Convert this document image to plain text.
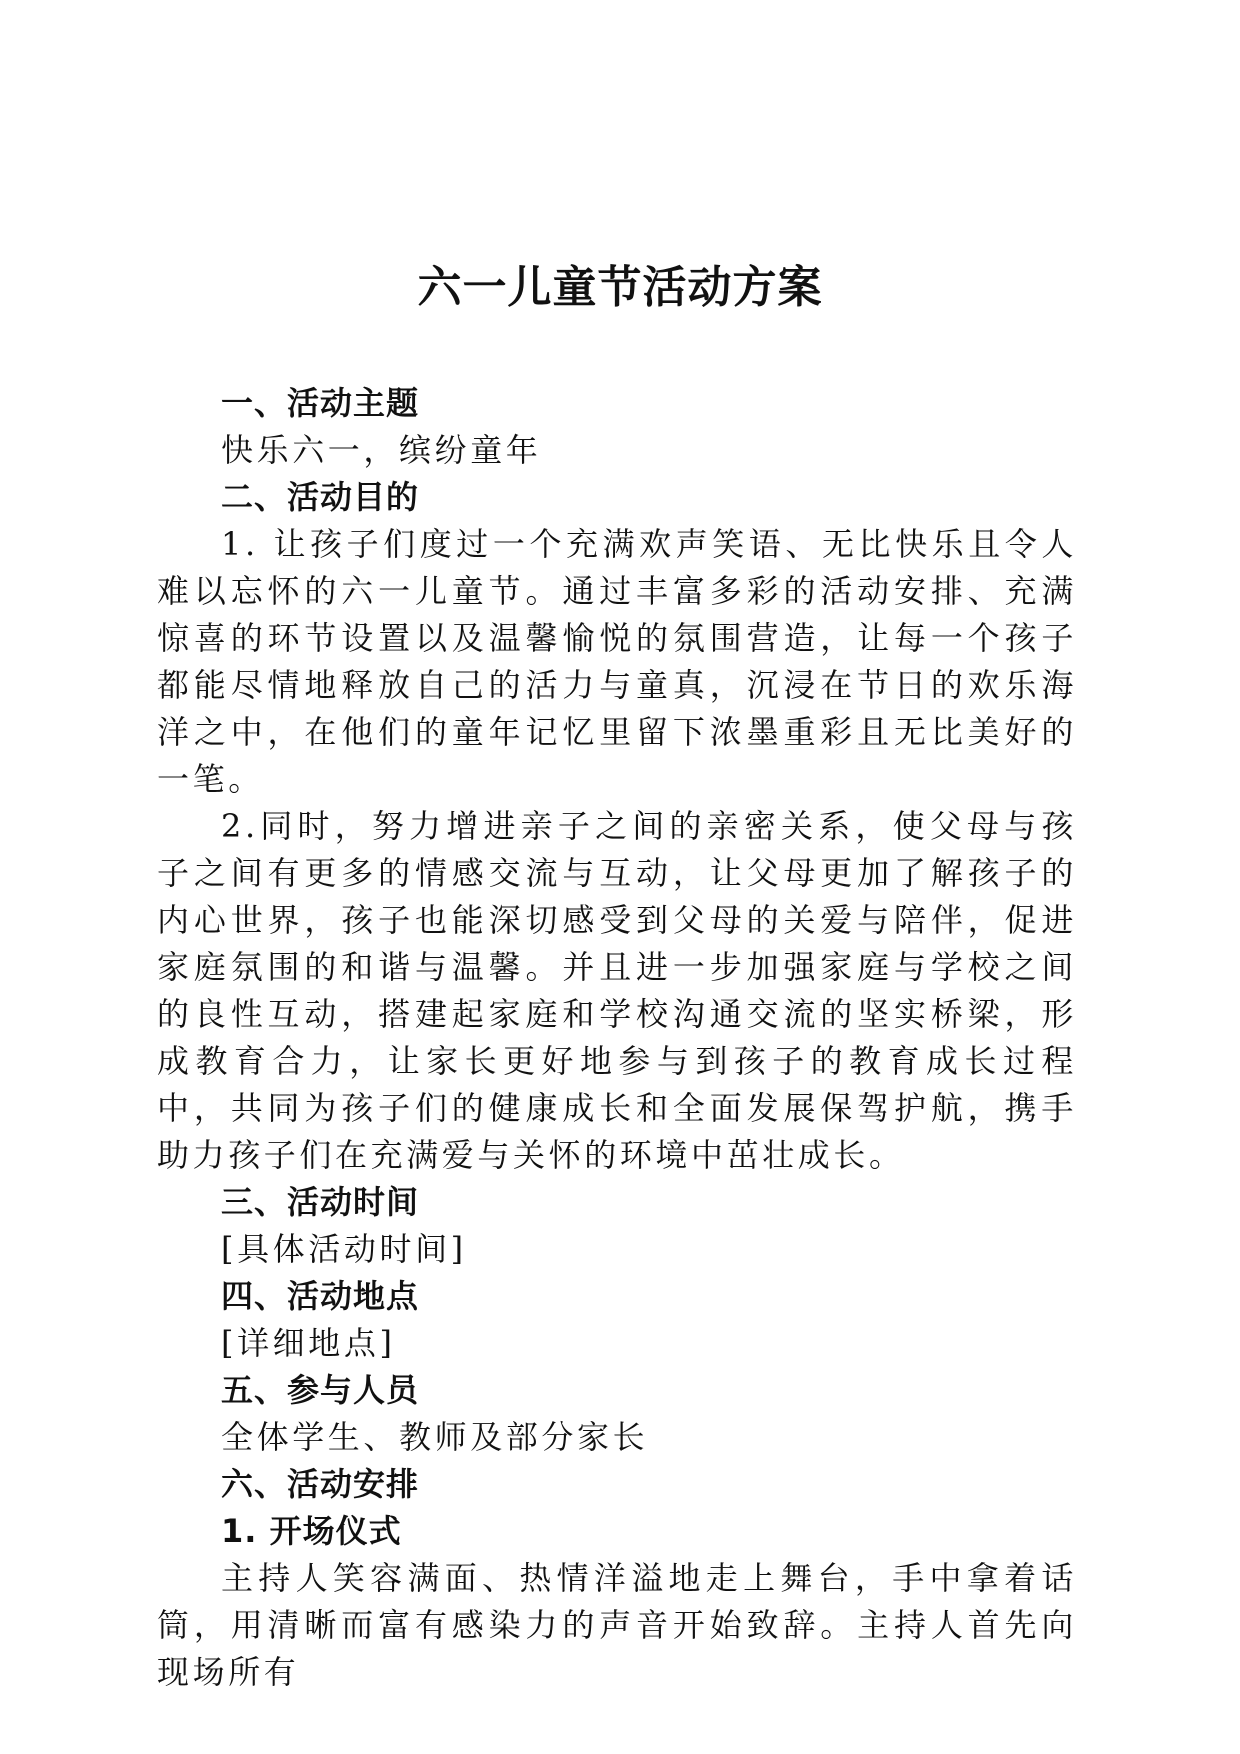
六一儿童节活动方案

一、活动主题

快乐六一，缤纷童年

二、活动目的

1. 让孩子们度过一个充满欢声笑语、无比快乐且令人难以忘怀的六一儿童节。通过丰富多彩的活动安排、充满惊喜的环节设置以及温馨愉悦的氛围营造，让每一个孩子都能尽情地释放自己的活力与童真，沉浸在节日的欢乐海洋之中，在他们的童年记忆里留下浓墨重彩且无比美好的一笔。

2.同时，努力增进亲子之间的亲密关系，使父母与孩子之间有更多的情感交流与互动，让父母更加了解孩子的内心世界，孩子也能深切感受到父母的关爱与陪伴，促进家庭氛围的和谐与温馨。并且进一步加强家庭与学校之间的良性互动，搭建起家庭和学校沟通交流的坚实桥梁，形成教育合力，让家长更好地参与到孩子的教育成长过程中，共同为孩子们的健康成长和全面发展保驾护航，携手助力孩子们在充满爱与关怀的环境中茁壮成长。

三、活动时间

[具体活动时间]

四、活动地点

[详细地点]

五、参与人员

全体学生、教师及部分家长

六、活动安排

1. 开场仪式

主持人笑容满面、热情洋溢地走上舞台，手中拿着话筒，用清晰而富有感染力的声音开始致辞。主持人首先向现场所有
